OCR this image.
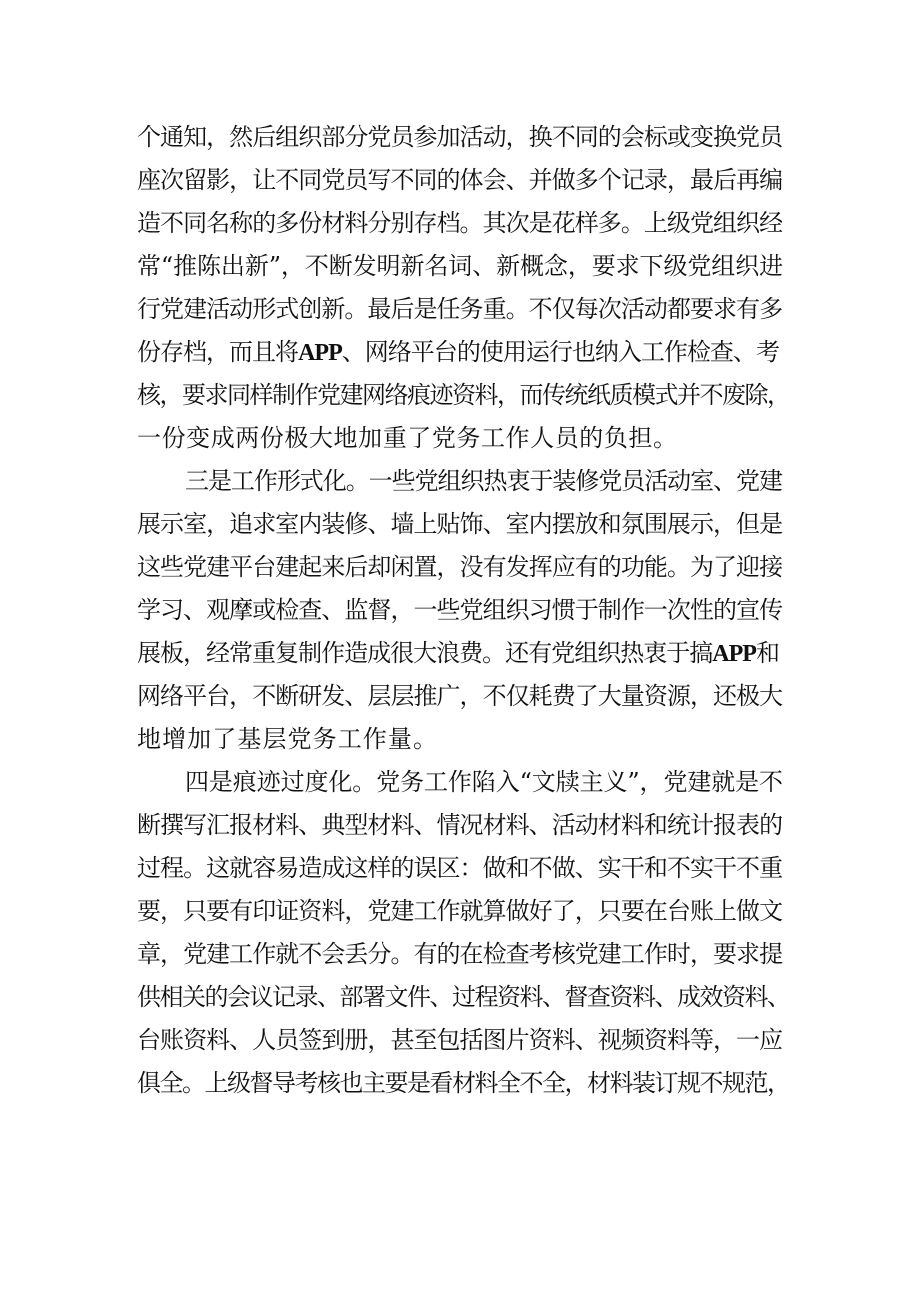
个通知，然后组织部分党员参加活动，换不同的会标或变换党员
座次留影，让不同党员写不同的体会、并做多个记录，最后再编
造不同名称的多份材料分别存档。其次是花样多。上级党组织经
常“推陈出新”，不断发明新名词、新概念，要求下级党组织进
行党建活动形式创新。最后是任务重。不仅每次活动都要求有多
份存档，而且将APP、网络平台的使用运行也纳入工作检查、考
核，要求同样制作党建网络痕迹资料，而传统纸质模式并不废除，
一份变成两份极大地加重了党务工作人员的负担。
三是工作形式化。一些党组织热衷于装修党员活动室、党建
展示室，追求室内装修、墙上贴饰、室内摆放和氛围展示，但是
这些党建平台建起来后却闲置，没有发挥应有的功能。为了迎接
学习、观摩或检查、监督，一些党组织习惯于制作一次性的宣传
展板，经常重复制作造成很大浪费。还有党组织热衷于搞APP和
网络平台，不断研发、层层推广，不仅耗费了大量资源，还极大
地增加了基层党务工作量。
四是痕迹过度化。党务工作陷入“文牍主义”，党建就是不
断撰写汇报材料、典型材料、情况材料、活动材料和统计报表的
过程。这就容易造成这样的误区：做和不做、实干和不实干不重
要，只要有印证资料，党建工作就算做好了，只要在台账上做文
章，党建工作就不会丢分。有的在检查考核党建工作时，要求提
供相关的会议记录、部署文件、过程资料、督查资料、成效资料、
台账资料、人员签到册，甚至包括图片资料、视频资料等，一应
俱全。上级督导考核也主要是看材料全不全，材料装订规不规范，
